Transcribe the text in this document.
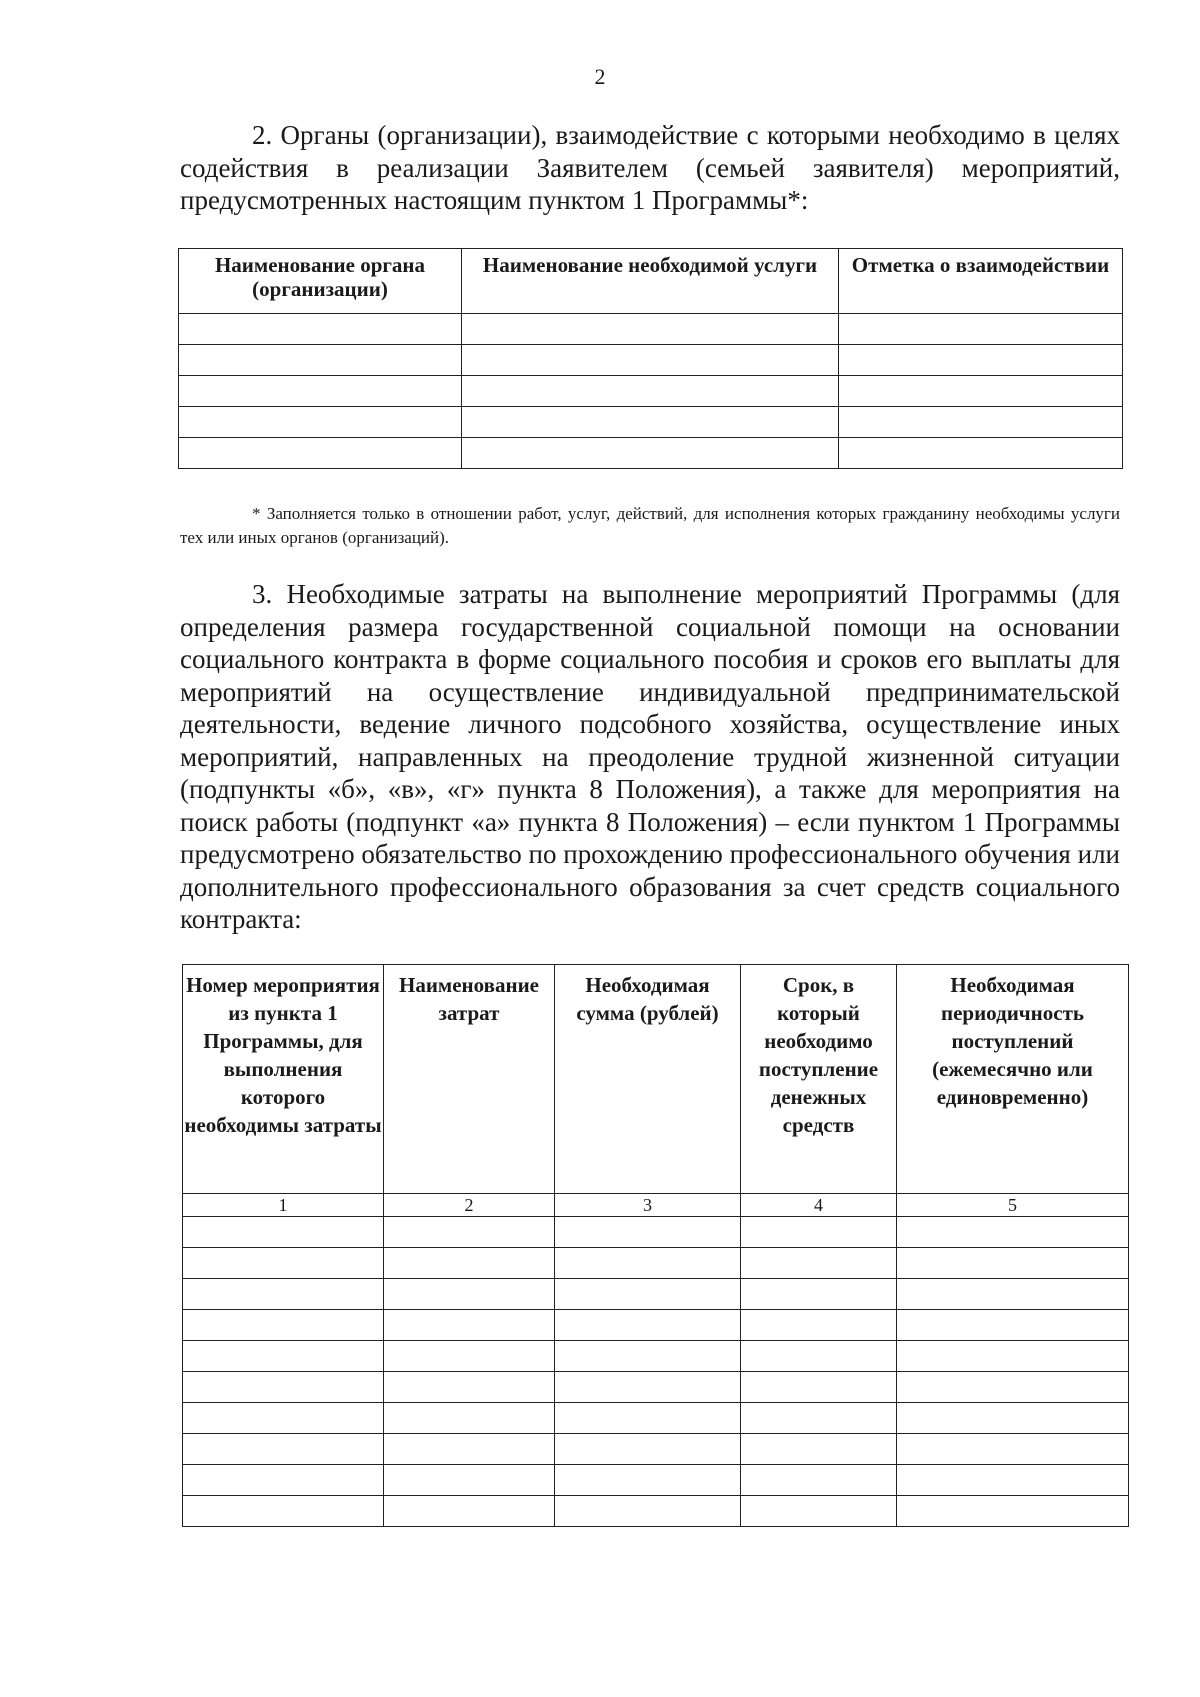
2
2. Органы (организации), взаимодействие с которыми необходимо в целях содействия в реализации Заявителем (семьей заявителя) мероприятий, предусмотренных настоящим пунктом 1 Программы*:
Наименование органа (организации)	Наименование необходимой услуги	Отметка о взаимодействии

* Заполняется только в отношении работ, услуг, действий, для исполнения которых гражданину необходимы услуги тех или иных органов (организаций).
3. Необходимые затраты на выполнение мероприятий Программы (для определения размера государственной социальной помощи на основании социального контракта в форме социального пособия и сроков его выплаты для мероприятий на осуществление индивидуальной предпринимательской деятельности, ведение личного подсобного хозяйства, осуществление иных мероприятий, направленных на преодоление трудной жизненной ситуации (подпункты «б», «в», «г» пункта 8 Положения), а также для мероприятия на поиск работы (подпункт «а» пункта 8 Положения) – если пунктом 1 Программы предусмотрено обязательство по прохождению профессионального обучения или дополнительного профессионального образования за счет средств социального контракта:
Номер мероприятия из пункта 1 Программы, для выполнения которого необходимы затраты	Наименование затрат	Необходимая сумма (рублей)	Срок, в который необходимо поступление денежных средств	Необходимая периодичность поступлений (ежемесячно или единовременно)
1	2	3	4	5
